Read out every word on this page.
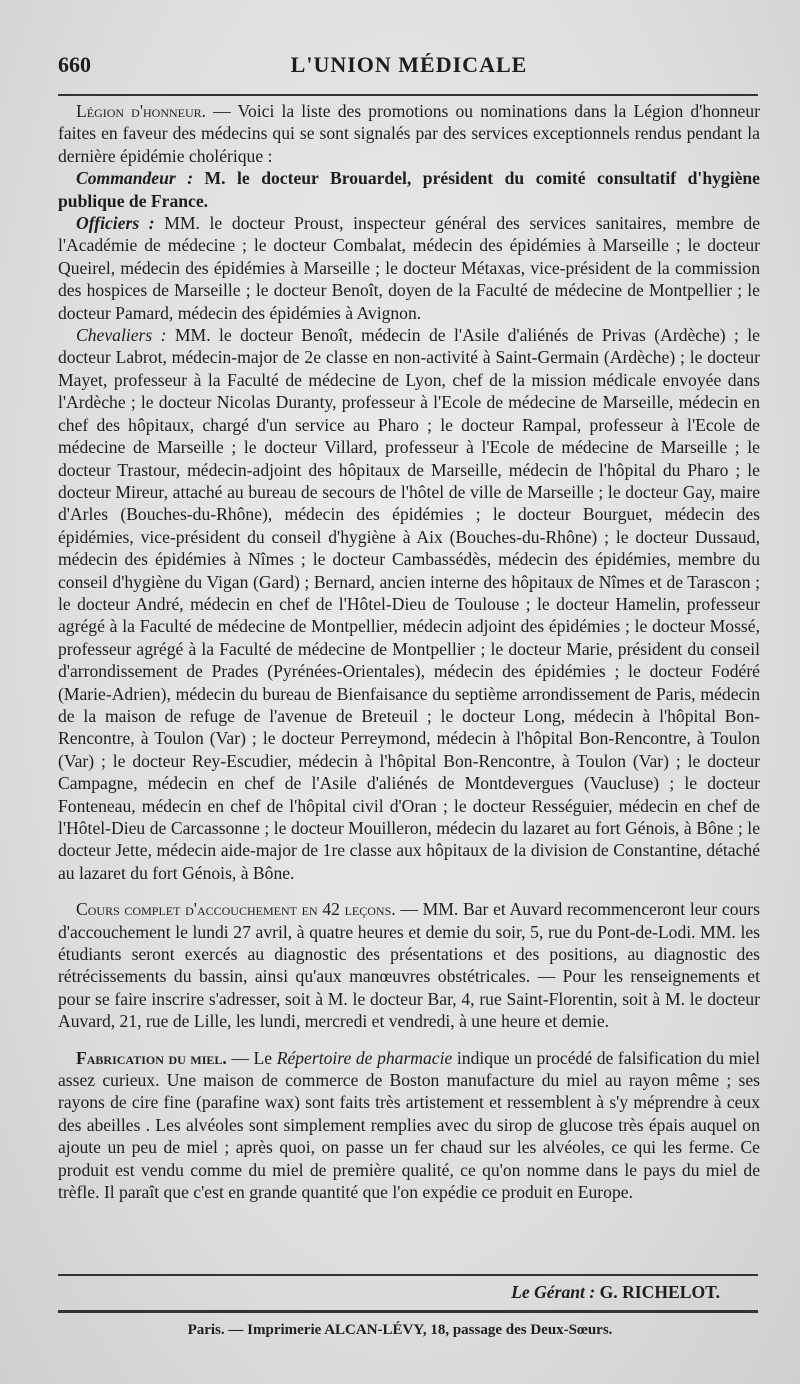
660	L'UNION MÉDICALE

Légion d'honneur. — Voici la liste des promotions ou nominations dans la Légion d'honneur faites en faveur des médecins qui se sont signalés par des services exceptionnels rendus pendant la dernière épidémie cholérique :

Commandeur : M. le docteur Brouardel, président du comité consultatif d'hygiène publique de France.

Officiers : MM. le docteur Proust, inspecteur général des services sanitaires, membre de l'Académie de médecine ; le docteur Combalat, médecin des épidémies à Marseille ; le docteur Queirel, médecin des épidémies à Marseille ; le docteur Métaxas, vice-président de la commission des hospices de Marseille ; le docteur Benoît, doyen de la Faculté de médecine de Montpellier ; le docteur Pamard, médecin des épidémies à Avignon.

Chevaliers : MM. le docteur Benoît, médecin de l'Asile d'aliénés de Privas (Ardèche) ; le docteur Labrot, médecin-major de 2e classe en non-activité à Saint-Germain (Ardèche) ; le docteur Mayet, professeur à la Faculté de médecine de Lyon, chef de la mission médicale envoyée dans l'Ardèche ; le docteur Nicolas Duranty, professeur à l'Ecole de médecine de Marseille, médecin en chef des hôpitaux, chargé d'un service au Pharo ; le docteur Rampal, professeur à l'Ecole de médecine de Marseille ; le docteur Villard, professeur à l'Ecole de médecine de Marseille ; le docteur Trastour, médecin-adjoint des hôpitaux de Marseille, médecin de l'hôpital du Pharo ; le docteur Mireur, attaché au bureau de secours de l'hôtel de ville de Marseille ; le docteur Gay, maire d'Arles (Bouches-du-Rhône), médecin des épidémies ; le docteur Bourguet, médecin des épidémies, vice-président du conseil d'hygiène à Aix (Bouches-du-Rhône) ; le docteur Dussaud, médecin des épidémies à Nîmes ; le docteur Cambassédès, médecin des épidémies, membre du conseil d'hygiène du Vigan (Gard) ; Bernard, ancien interne des hôpitaux de Nîmes et de Tarascon ; le docteur André, médecin en chef de l'Hôtel-Dieu de Toulouse ; le docteur Hamelin, professeur agrégé à la Faculté de médecine de Montpellier, médecin adjoint des épidémies ; le docteur Mossé, professeur agrégé à la Faculté de médecine de Montpellier ; le docteur Marie, président du conseil d'arrondissement de Prades (Pyrénées-Orientales), médecin des épidémies ; le docteur Fodéré (Marie-Adrien), médecin du bureau de Bienfaisance du septième arrondissement de Paris, médecin de la maison de refuge de l'avenue de Breteuil ; le docteur Long, médecin à l'hôpital Bon-Rencontre, à Toulon (Var) ; le docteur Perreymond, médecin à l'hôpital Bon-Rencontre, à Toulon (Var) ; le docteur Rey-Escudier, médecin à l'hôpital Bon-Rencontre, à Toulon (Var) ; le docteur Campagne, médecin en chef de l'Asile d'aliénés de Montdevergues (Vaucluse) ; le docteur Fonteneau, médecin en chef de l'hôpital civil d'Oran ; le docteur Rességuier, médecin en chef de l'Hôtel-Dieu de Carcassonne ; le docteur Mouilleron, médecin du lazaret au fort Génois, à Bône ; le docteur Jette, médecin aide-major de 1re classe aux hôpitaux de la division de Constantine, détaché au lazaret du fort Génois, à Bône.

Cours complet d'accouchement en 42 leçons. — MM. Bar et Auvard recommenceront leur cours d'accouchement le lundi 27 avril, à quatre heures et demie du soir, 5, rue du Pont-de-Lodi. MM. les étudiants seront exercés au diagnostic des présentations et des positions, au diagnostic des rétrécissements du bassin, ainsi qu'aux manœuvres obstétricales. — Pour les renseignements et pour se faire inscrire s'adresser, soit à M. le docteur Bar, 4, rue Saint-Florentin, soit à M. le docteur Auvard, 21, rue de Lille, les lundi, mercredi et vendredi, à une heure et demie.

Fabrication du miel. — Le Répertoire de pharmacie indique un procédé de falsification du miel assez curieux. Une maison de commerce de Boston manufacture du miel au rayon même ; ses rayons de cire fine (parafine wax) sont faits très artistement et ressemblent à s'y méprendre à ceux des abeilles . Les alvéoles sont simplement remplies avec du sirop de glucose très épais auquel on ajoute un peu de miel ; après quoi, on passe un fer chaud sur les alvéoles, ce qui les ferme. Ce produit est vendu comme du miel de première qualité, ce qu'on nomme dans le pays du miel de trèfle. Il paraît que c'est en grande quantité que l'on expédie ce produit en Europe.

Le Gérant : G. RICHELOT.
Paris. — Imprimerie ALCAN-LÉVY, 18, passage des Deux-Sœurs.
